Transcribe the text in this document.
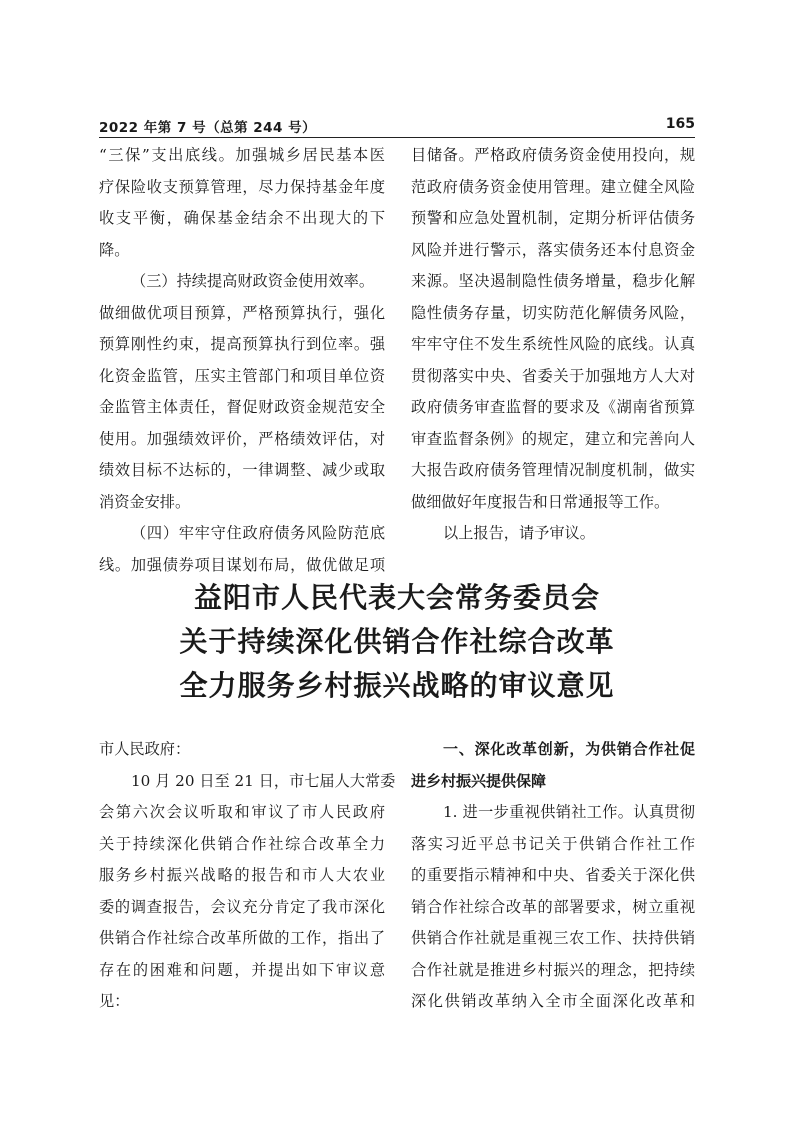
2022 年第 7 号（总第 244 号）	165

“三保”支出底线。加强城乡居民基本医

疗保险收支预算管理，尽力保持基金年度

收支平衡，确保基金结余不出现大的下

降。

（三）持续提高财政资金使用效率。

做细做优项目预算，严格预算执行，强化

预算刚性约束，提高预算执行到位率。强

化资金监管，压实主管部门和项目单位资

金监管主体责任，督促财政资金规范安全

使用。加强绩效评价，严格绩效评估，对

绩效目标不达标的，一律调整、减少或取

消资金安排。

（四）牢牢守住政府债务风险防范底

线。加强债券项目谋划布局，做优做足项

目储备。严格政府债务资金使用投向，规

范政府债务资金使用管理。建立健全风险

预警和应急处置机制，定期分析评估债务

风险并进行警示，落实债务还本付息资金

来源。坚决遏制隐性债务增量，稳步化解

隐性债务存量，切实防范化解债务风险，

牢牢守住不发生系统性风险的底线。认真

贯彻落实中央、省委关于加强地方人大对

政府债务审查监督的要求及《湖南省预算

审查监督条例》的规定，建立和完善向人

大报告政府债务管理情况制度机制，做实

做细做好年度报告和日常通报等工作。

以上报告，请予审议。

益阳市人民代表大会常务委员会
关于持续深化供销合作社综合改革
全力服务乡村振兴战略的审议意见

市人民政府：

10 月 20 日至 21 日，市七届人大常委

会第六次会议听取和审议了市人民政府

关于持续深化供销合作社综合改革全力

服务乡村振兴战略的报告和市人大农业

委的调查报告，会议充分肯定了我市深化

供销合作社综合改革所做的工作，指出了

存在的困难和问题，并提出如下审议意

见：

一、深化改革创新，为供销合作社促

进乡村振兴提供保障

1. 进一步重视供销社工作。认真贯彻

落实习近平总书记关于供销合作社工作

的重要指示精神和中央、省委关于深化供

销合作社综合改革的部署要求，树立重视

供销合作社就是重视三农工作、扶持供销

合作社就是推进乡村振兴的理念，把持续

深化供销改革纳入全市全面深化改革和
